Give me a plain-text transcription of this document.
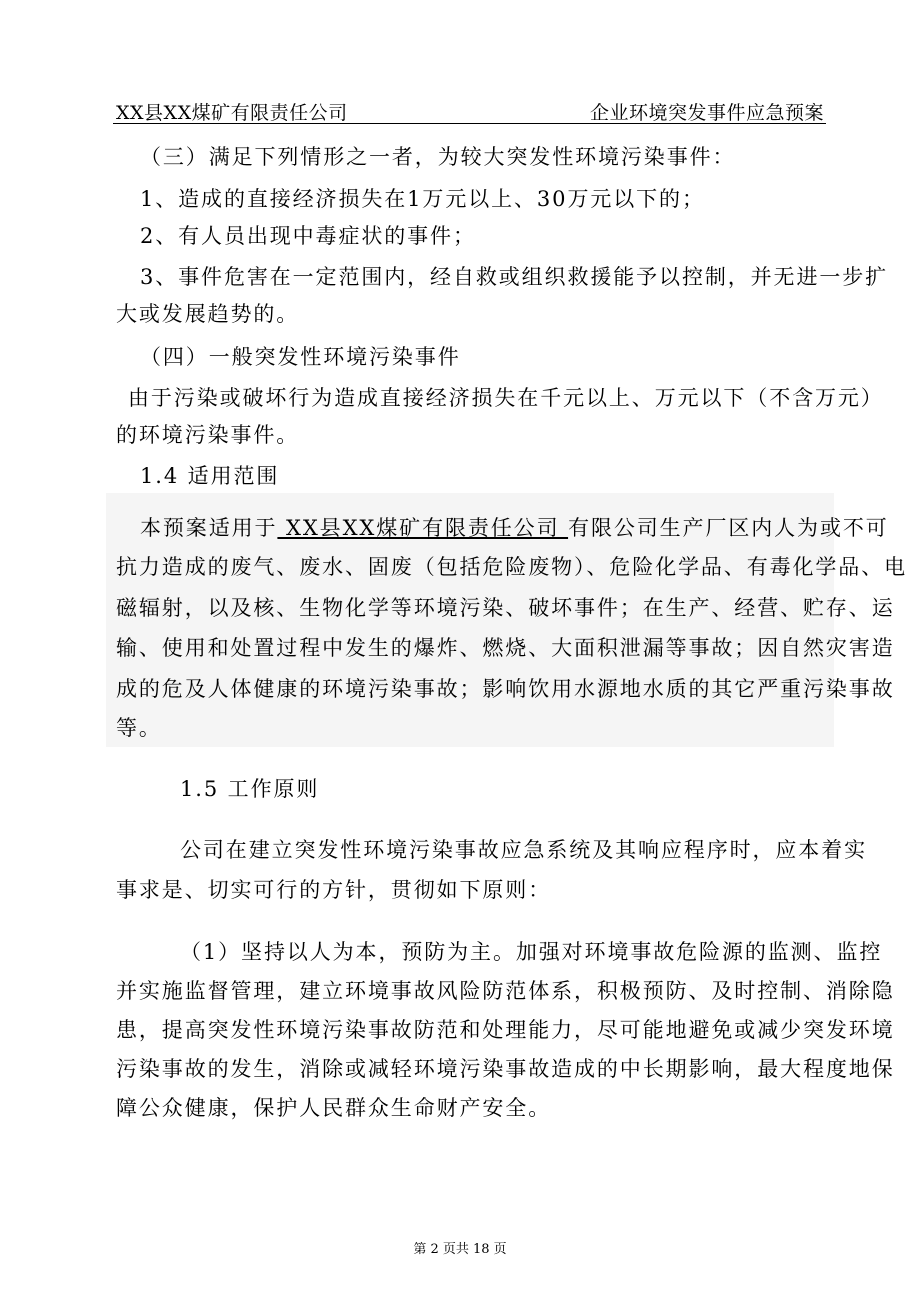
XX县XX煤矿有限责任公司	企业环境突发事件应急预案
（三）满足下列情形之一者，为较大突发性环境污染事件：
1、造成的直接经济损失在1万元以上、30万元以下的；
2、有人员出现中毒症状的事件；
3、事件危害在一定范围内，经自救或组织救援能予以控制，并无进一步扩
大或发展趋势的。
（四）一般突发性环境污染事件
由于污染或破坏行为造成直接经济损失在千元以上、万元以下（不含万元）
的环境污染事件。
1.4 适用范围
本预案适用于 XX县XX煤矿有限责任公司 有限公司生产厂区内人为或不可
抗力造成的废气、废水、固废（包括危险废物）、危险化学品、有毒化学品、电
磁辐射，以及核、生物化学等环境污染、破坏事件；在生产、经营、贮存、运
输、使用和处置过程中发生的爆炸、燃烧、大面积泄漏等事故；因自然灾害造
成的危及人体健康的环境污染事故；影响饮用水源地水质的其它严重污染事故
等。
1.5 工作原则
公司在建立突发性环境污染事故应急系统及其响应程序时，应本着实
事求是、切实可行的方针，贯彻如下原则：
（1）坚持以人为本，预防为主。加强对环境事故危险源的监测、监控
并实施监督管理，建立环境事故风险防范体系，积极预防、及时控制、消除隐
患，提高突发性环境污染事故防范和处理能力，尽可能地避免或减少突发环境
污染事故的发生，消除或减轻环境污染事故造成的中长期影响，最大程度地保
障公众健康，保护人民群众生命财产安全。
第 2 页共 18 页
